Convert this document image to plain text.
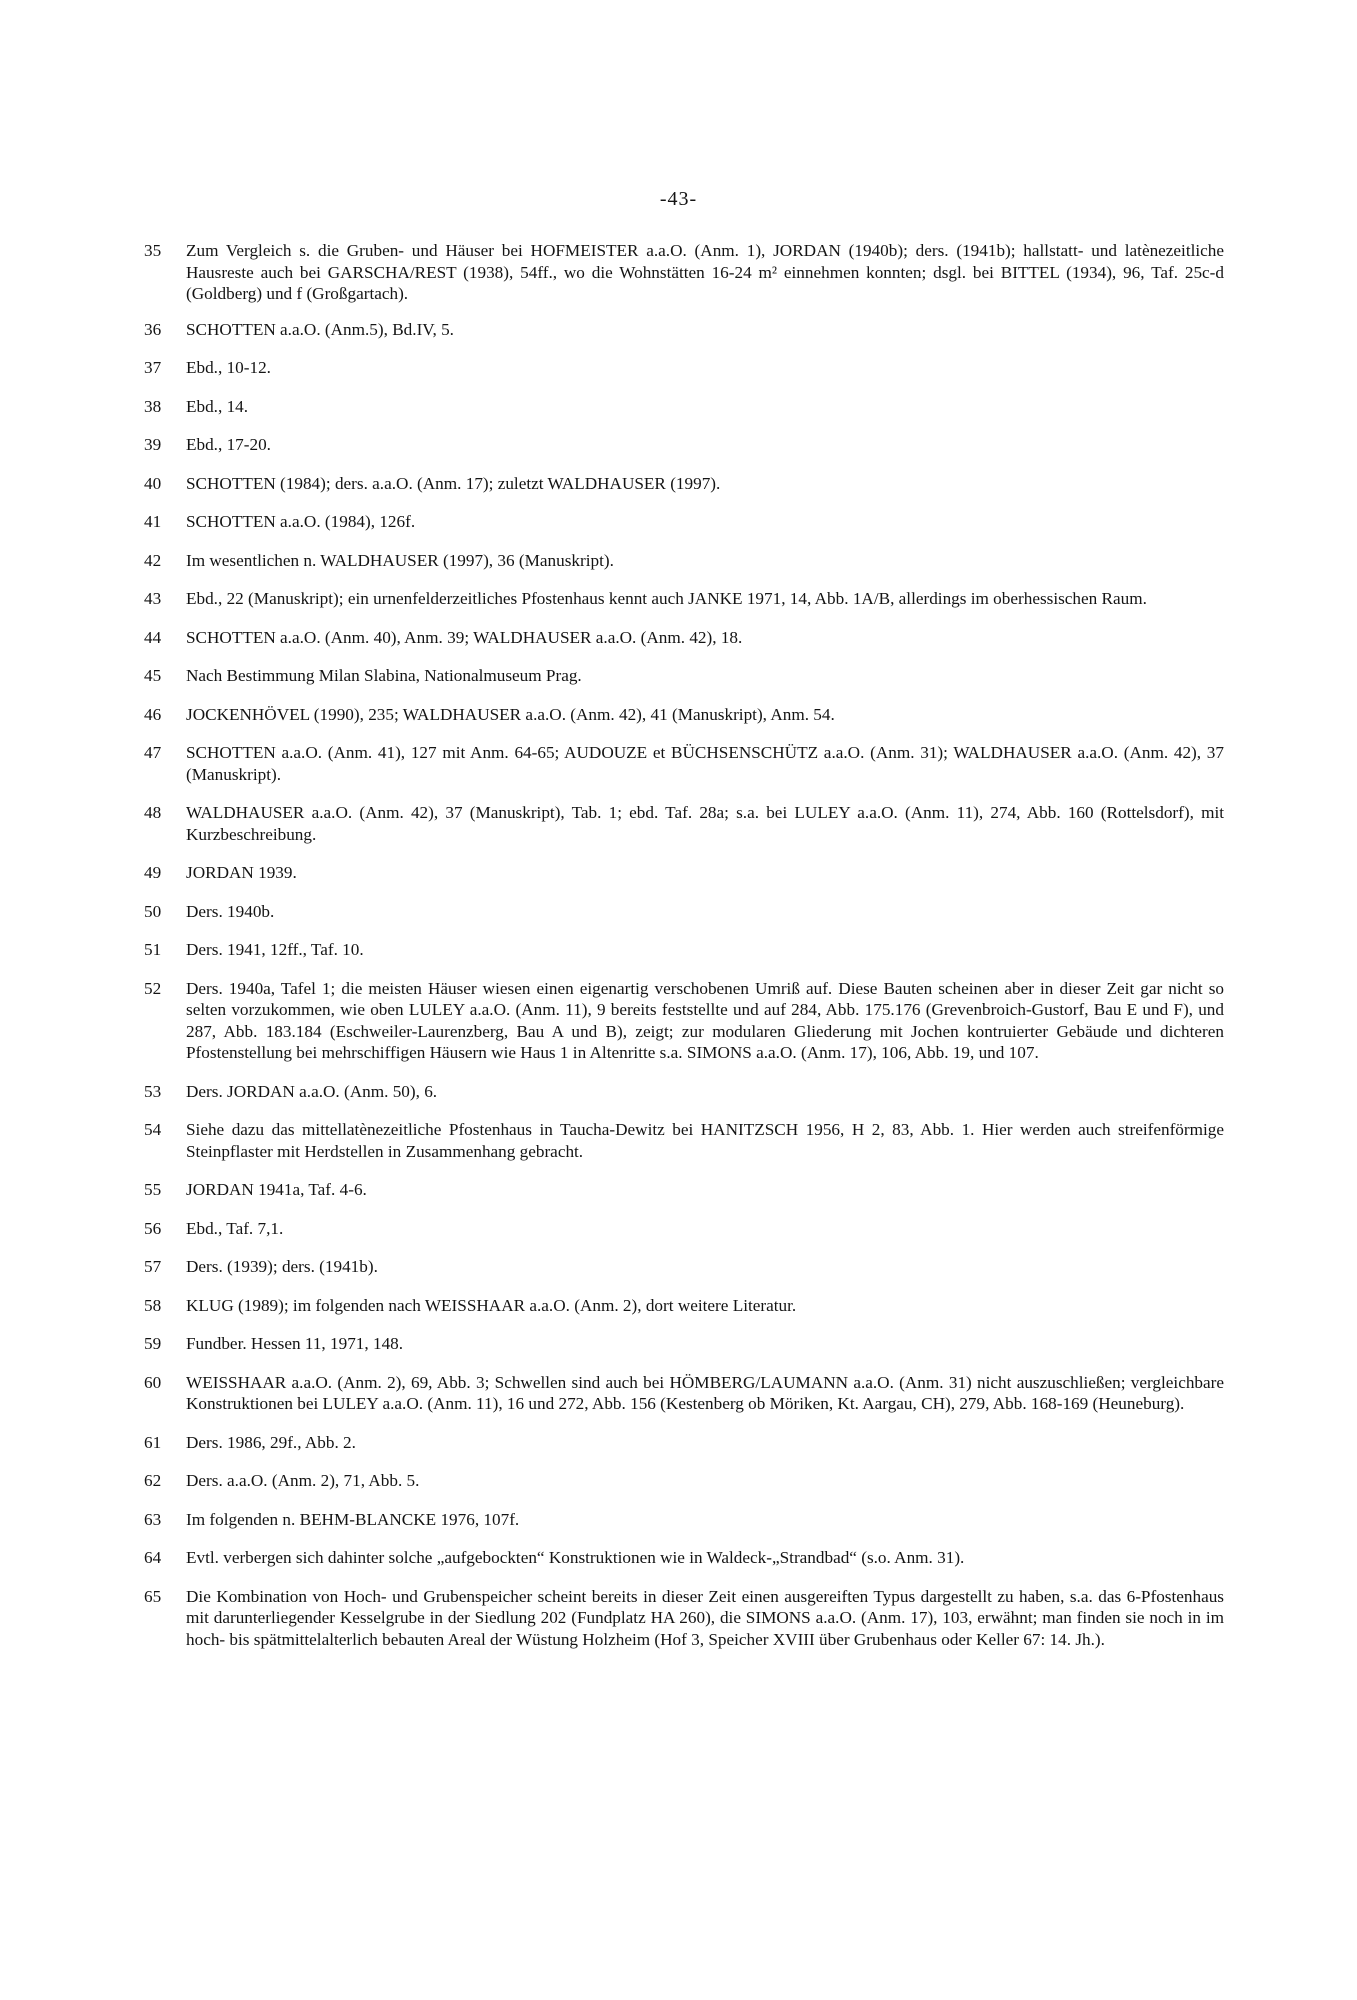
-43-
35	Zum Vergleich s. die Gruben- und Häuser bei HOFMEISTER a.a.O. (Anm. 1), JORDAN (1940b); ders. (1941b); hallstatt- und latènezeitliche Hausreste auch bei GARSCHA/REST (1938), 54ff., wo die Wohnstätten 16-24 m² einnehmen konnten; dsgl. bei BITTEL (1934), 96, Taf. 25c-d (Goldberg) und f (Großgartach).
36	SCHOTTEN a.a.O. (Anm.5), Bd.IV, 5.
37	Ebd., 10-12.
38	Ebd., 14.
39	Ebd., 17-20.
40	SCHOTTEN (1984); ders. a.a.O. (Anm. 17); zuletzt WALDHAUSER (1997).
41	SCHOTTEN a.a.O. (1984), 126f.
42	Im wesentlichen n. WALDHAUSER (1997), 36 (Manuskript).
43	Ebd., 22 (Manuskript); ein urnenfelderzeitliches Pfostenhaus kennt auch JANKE 1971, 14, Abb. 1A/B, allerdings im oberhessischen Raum.
44	SCHOTTEN a.a.O. (Anm. 40), Anm. 39; WALDHAUSER a.a.O. (Anm. 42), 18.
45	Nach Bestimmung Milan Slabina, Nationalmuseum Prag.
46	JOCKENHÖVEL (1990), 235; WALDHAUSER a.a.O. (Anm. 42), 41 (Manuskript), Anm. 54.
47	SCHOTTEN a.a.O. (Anm. 41), 127 mit Anm. 64-65; AUDOUZE et BÜCHSENSCHÜTZ a.a.O. (Anm. 31); WALDHAUSER a.a.O. (Anm. 42), 37 (Manuskript).
48	WALDHAUSER a.a.O. (Anm. 42), 37 (Manuskript), Tab. 1; ebd. Taf. 28a; s.a. bei LULEY a.a.O. (Anm. 11), 274, Abb. 160 (Rottelsdorf), mit Kurzbeschreibung.
49	JORDAN 1939.
50	Ders. 1940b.
51	Ders. 1941, 12ff., Taf. 10.
52	Ders. 1940a, Tafel 1; die meisten Häuser wiesen einen eigenartig verschobenen Umriß auf. Diese Bauten scheinen aber in dieser Zeit gar nicht so selten vorzukommen, wie oben LULEY a.a.O. (Anm. 11), 9 bereits feststellte und auf 284, Abb. 175.176 (Grevenbroich-Gustorf, Bau E und F), und 287, Abb. 183.184 (Eschweiler-Laurenzberg, Bau A und B), zeigt; zur modularen Gliederung mit Jochen kontruierter Gebäude und dichteren Pfostenstellung bei mehrschiffigen Häusern wie Haus 1 in Altenritte s.a. SIMONS a.a.O. (Anm. 17), 106, Abb. 19, und 107.
53	Ders. JORDAN a.a.O. (Anm. 50), 6.
54	Siehe dazu das mittellatènezeitliche Pfostenhaus in Taucha-Dewitz bei HANITZSCH 1956, H 2, 83, Abb. 1. Hier werden auch streifenförmige Steinpflaster mit Herdstellen in Zusammenhang gebracht.
55	JORDAN 1941a, Taf. 4-6.
56	Ebd., Taf. 7,1.
57	Ders. (1939); ders. (1941b).
58	KLUG (1989); im folgenden nach WEISSHAAR a.a.O. (Anm. 2), dort weitere Literatur.
59	Fundber. Hessen 11, 1971, 148.
60	WEISSHAAR a.a.O. (Anm. 2), 69, Abb. 3; Schwellen sind auch bei HÖMBERG/LAUMANN a.a.O. (Anm. 31) nicht auszuschließen; vergleichbare Konstruktionen bei LULEY a.a.O. (Anm. 11), 16 und 272, Abb. 156 (Kestenberg ob Möriken, Kt. Aargau, CH), 279, Abb. 168-169 (Heuneburg).
61	Ders. 1986, 29f., Abb. 2.
62	Ders. a.a.O. (Anm. 2), 71, Abb. 5.
63	Im folgenden n. BEHM-BLANCKE 1976, 107f.
64	Evtl. verbergen sich dahinter solche „aufgebockten“ Konstruktionen wie in Waldeck-„Strandbad“ (s.o. Anm. 31).
65	Die Kombination von Hoch- und Grubenspeicher scheint bereits in dieser Zeit einen ausgereiften Typus dargestellt zu haben, s.a. das 6-Pfostenhaus mit darunterliegender Kesselgrube in der Siedlung 202 (Fundplatz HA 260), die SIMONS a.a.O. (Anm. 17), 103, erwähnt; man finden sie noch in im hoch- bis spätmittelalterlich bebauten Areal der Wüstung Holzheim (Hof 3, Speicher XVIII über Grubenhaus oder Keller 67: 14. Jh.).
